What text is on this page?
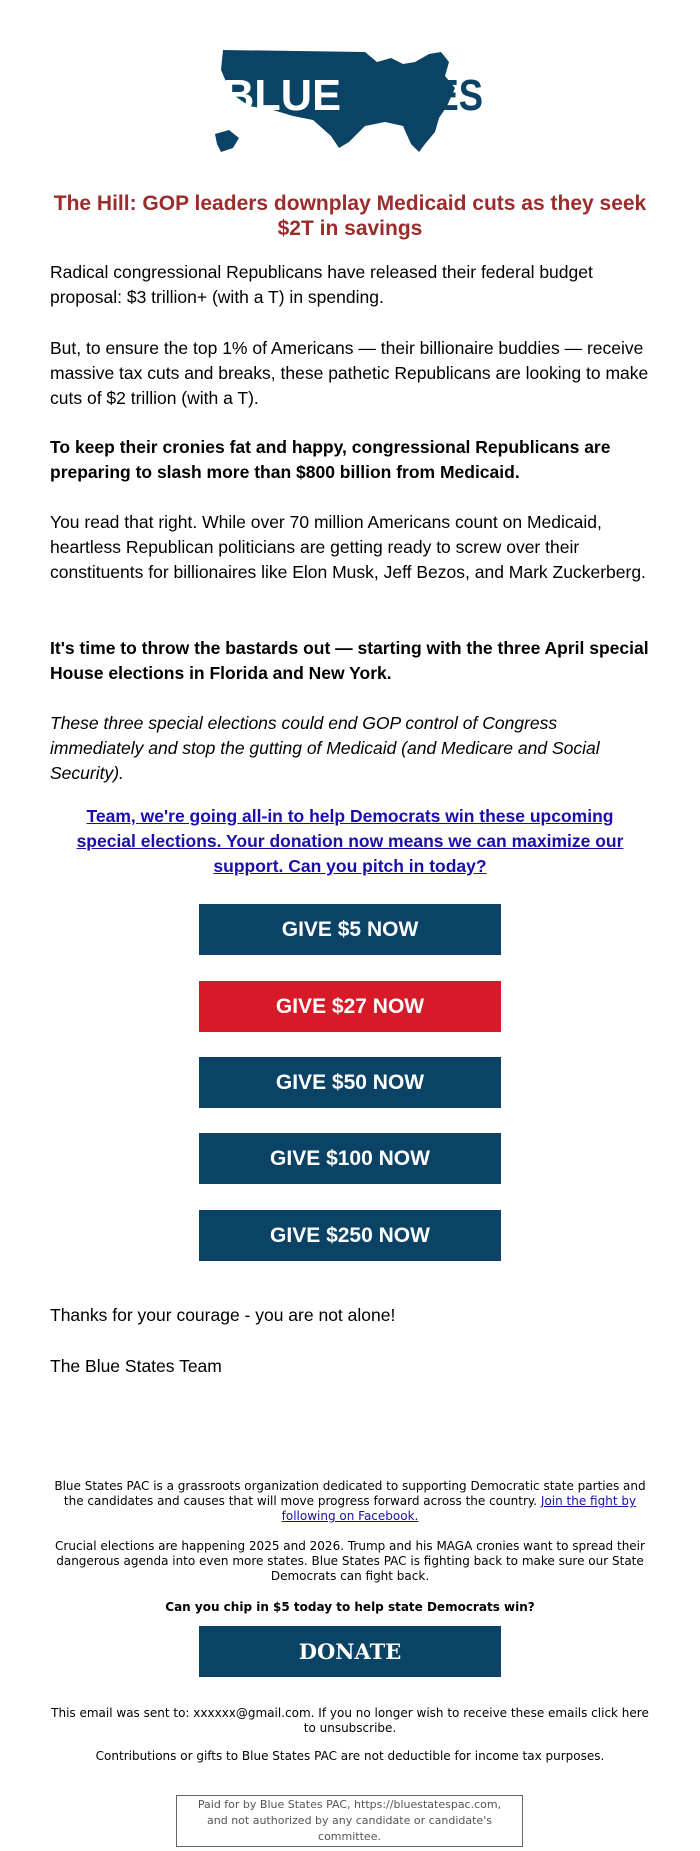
BLUE STATES
The Hill: GOP leaders downplay Medicaid cuts as they seek $2T in savings

Radical congressional Republicans have released their federal budget proposal: $3 trillion+ (with a T) in spending.

But, to ensure the top 1% of Americans — their billionaire buddies — receive massive tax cuts and breaks, these pathetic Republicans are looking to make cuts of $2 trillion (with a T).

To keep their cronies fat and happy, congressional Republicans are preparing to slash more than $800 billion from Medicaid.

You read that right. While over 70 million Americans count on Medicaid, heartless Republican politicians are getting ready to screw over their constituents for billionaires like Elon Musk, Jeff Bezos, and Mark Zuckerberg.

It's time to throw the bastards out — starting with the three April special House elections in Florida and New York.

These three special elections could end GOP control of Congress immediately and stop the gutting of Medicaid (and Medicare and Social Security).

Team, we're going all-in to help Democrats win these upcoming special elections. Your donation now means we can maximize our support. Can you pitch in today?
GIVE $5 NOW
GIVE $27 NOW
GIVE $50 NOW
GIVE $100 NOW
GIVE $250 NOW

Thanks for your courage - you are not alone!

The Blue States Team

Blue States PAC is a grassroots organization dedicated to supporting Democratic state parties and the candidates and causes that will move progress forward across the country. Join the fight by following on Facebook.

Crucial elections are happening 2025 and 2026. Trump and his MAGA cronies want to spread their dangerous agenda into even more states. Blue States PAC is fighting back to make sure our State Democrats can fight back.

Can you chip in $5 today to help state Democrats win?

DONATE

This email was sent to: xxxxxx@gmail.com. If you no longer wish to receive these emails click here to unsubscribe.

Contributions or gifts to Blue States PAC are not deductible for income tax purposes.

Paid for by Blue States PAC, https://bluestatespac.com, and not authorized by any candidate or candidate's committee.
